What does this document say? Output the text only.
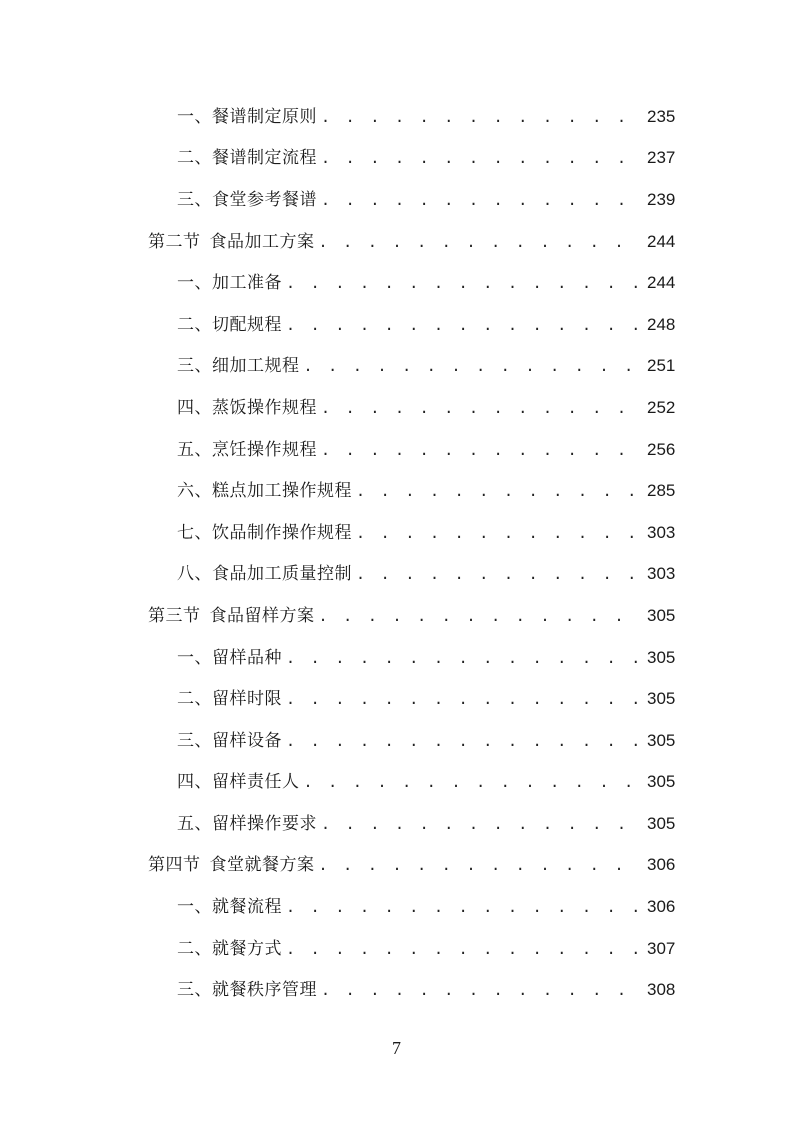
一、餐谱制定原则 . . .	235
二、餐谱制定流程 . . .	237
三、食堂参考餐谱 . . .	239
第二节 食品加工方案 . . .	244
一、加工准备 . . .	244
二、切配规程 . . .	248
三、细加工规程 . . .	251
四、蒸饭操作规程 . . .	252
五、烹饪操作规程 . . .	256
六、糕点加工操作规程 . . .	285
七、饮品制作操作规程 . . .	303
八、食品加工质量控制 . . .	303
第三节 食品留样方案 . . .	305
一、留样品种 . . .	305
二、留样时限 . . .	305
三、留样设备 . . .	305
四、留样责任人 . . .	305
五、留样操作要求 . . .	305
第四节 食堂就餐方案 . . .	306
一、就餐流程 . . .	306
二、就餐方式 . . .	307
三、就餐秩序管理 . . .	308
7
